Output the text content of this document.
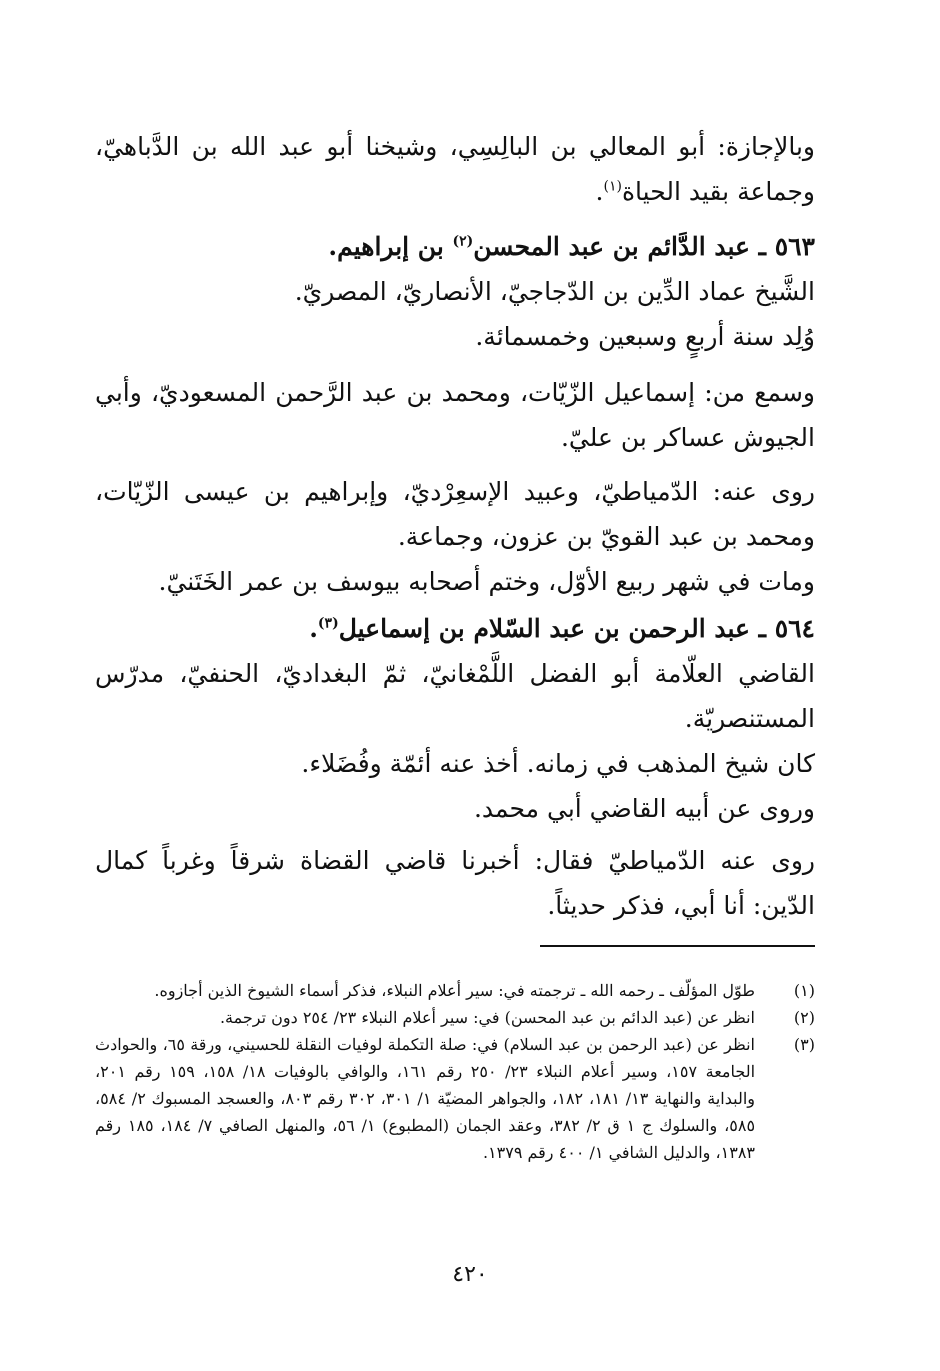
وبالإجازة: أبو المعالي بن البالِسِي، وشيخنا أبو عبد الله بن الدَّباهيّ، وجماعة بقيد الحياة$^{(١)}$.

٥٦٣ ـ عبد الدَّائم بن عبد المحسن$^{(٢)}$ بن إبراهيم.

الشَّيخ عماد الدِّين بن الدّجاجيّ، الأنصاريّ، المصريّ.

وُلِد سنة أربعٍ وسبعين وخمسمائة.

وسمع من: إسماعيل الزّيّات، ومحمد بن عبد الرَّحمن المسعوديّ، وأبي الجيوش عساكر بن عليّ.

روى عنه: الدّمياطيّ، وعبيد الإسعِرْديّ، وإبراهيم بن عيسى الزّيّات، ومحمد بن عبد القويّ بن عزون، وجماعة.

ومات في شهر ربيع الأوّل، وختم أصحابه بيوسف بن عمر الخَتَنيّ.

٥٦٤ ـ عبد الرحمن بن عبد السّلام بن إسماعيل$^{(٣)}$.

القاضي العلّامة أبو الفضل اللَّمْغانيّ، ثمّ البغداديّ، الحنفيّ، مدرّس المستنصريّة.

كان شيخ المذهب في زمانه. أخذ عنه أئمّة وفُضَلاء.

وروى عن أبيه القاضي أبي محمد.

روى عنه الدّمياطيّ فقال: أخبرنا قاضي القضاة شرقاً وغرباً كمال الدّين: أنا أبي، فذكر حديثاً.

(١)
طوّل المؤلّف ـ رحمه الله ـ ترجمته في: سير أعلام النبلاء، فذكر أسماء الشيوخ الذين أجازوه.
(٢)
انظر عن (عبد الدائم بن عبد المحسن) في: سير أعلام النبلاء ٢٣/ ٢٥٤ دون ترجمة.
(٣)
انظر عن (عبد الرحمن بن عبد السلام) في: صلة التكملة لوفيات النقلة للحسيني، ورقة ٦٥، والحوادث الجامعة ١٥٧، وسير أعلام النبلاء ٢٣/ ٢٥٠ رقم ١٦١، والوافي بالوفيات ١٨/ ١٥٨، ١٥٩ رقم ٢٠١، والبداية والنهاية ١٣/ ١٨١، ١٨٢، والجواهر المضيّة ١/ ٣٠١، ٣٠٢ رقم ٨٠٣، والعسجد المسبوك ٢/ ٥٨٤، ٥٨٥، والسلوك ج ١ ق ٢/ ٣٨٢، وعقد الجمان (المطبوع) ١/ ٥٦، والمنهل الصافي ٧/ ١٨٤، ١٨٥ رقم ١٣٨٣، والدليل الشافي ١/ ٤٠٠ رقم ١٣٧٩.
٤٢٠
